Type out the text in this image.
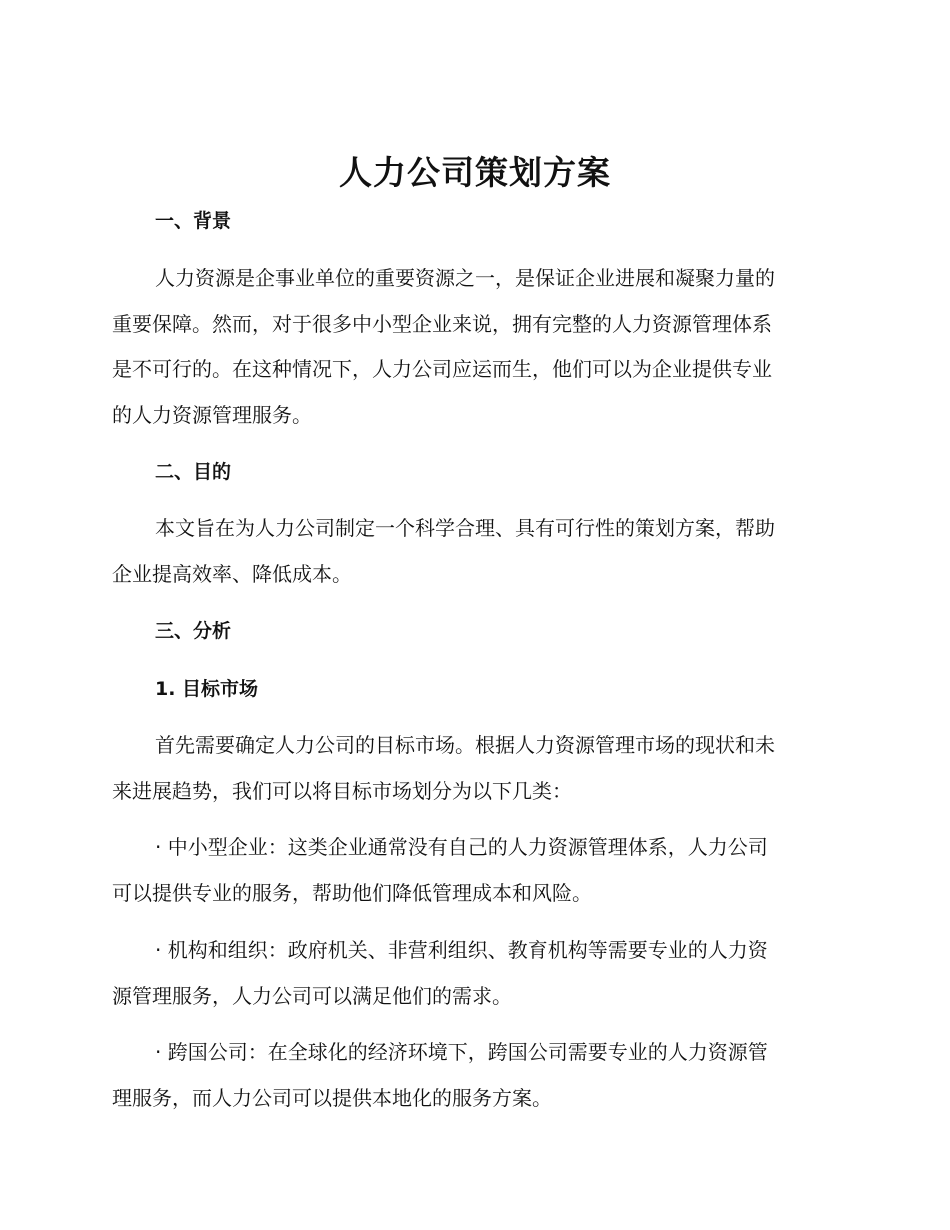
人力公司策划方案
一、背景
人力资源是企事业单位的重要资源之一，是保证企业进展和凝聚力量的
重要保障。然而，对于很多中小型企业来说，拥有完整的人力资源管理体系
是不可行的。在这种情况下，人力公司应运而生，他们可以为企业提供专业
的人力资源管理服务。
二、目的
本文旨在为人力公司制定一个科学合理、具有可行性的策划方案，帮助
企业提高效率、降低成本。
三、分析
1. 目标市场
首先需要确定人力公司的目标市场。根据人力资源管理市场的现状和未
来进展趋势，我们可以将目标市场划分为以下几类：
· 中小型企业：这类企业通常没有自己的人力资源管理体系，人力公司
可以提供专业的服务，帮助他们降低管理成本和风险。
· 机构和组织：政府机关、非营利组织、教育机构等需要专业的人力资
源管理服务，人力公司可以满足他们的需求。
· 跨国公司：在全球化的经济环境下，跨国公司需要专业的人力资源管
理服务，而人力公司可以提供本地化的服务方案。
